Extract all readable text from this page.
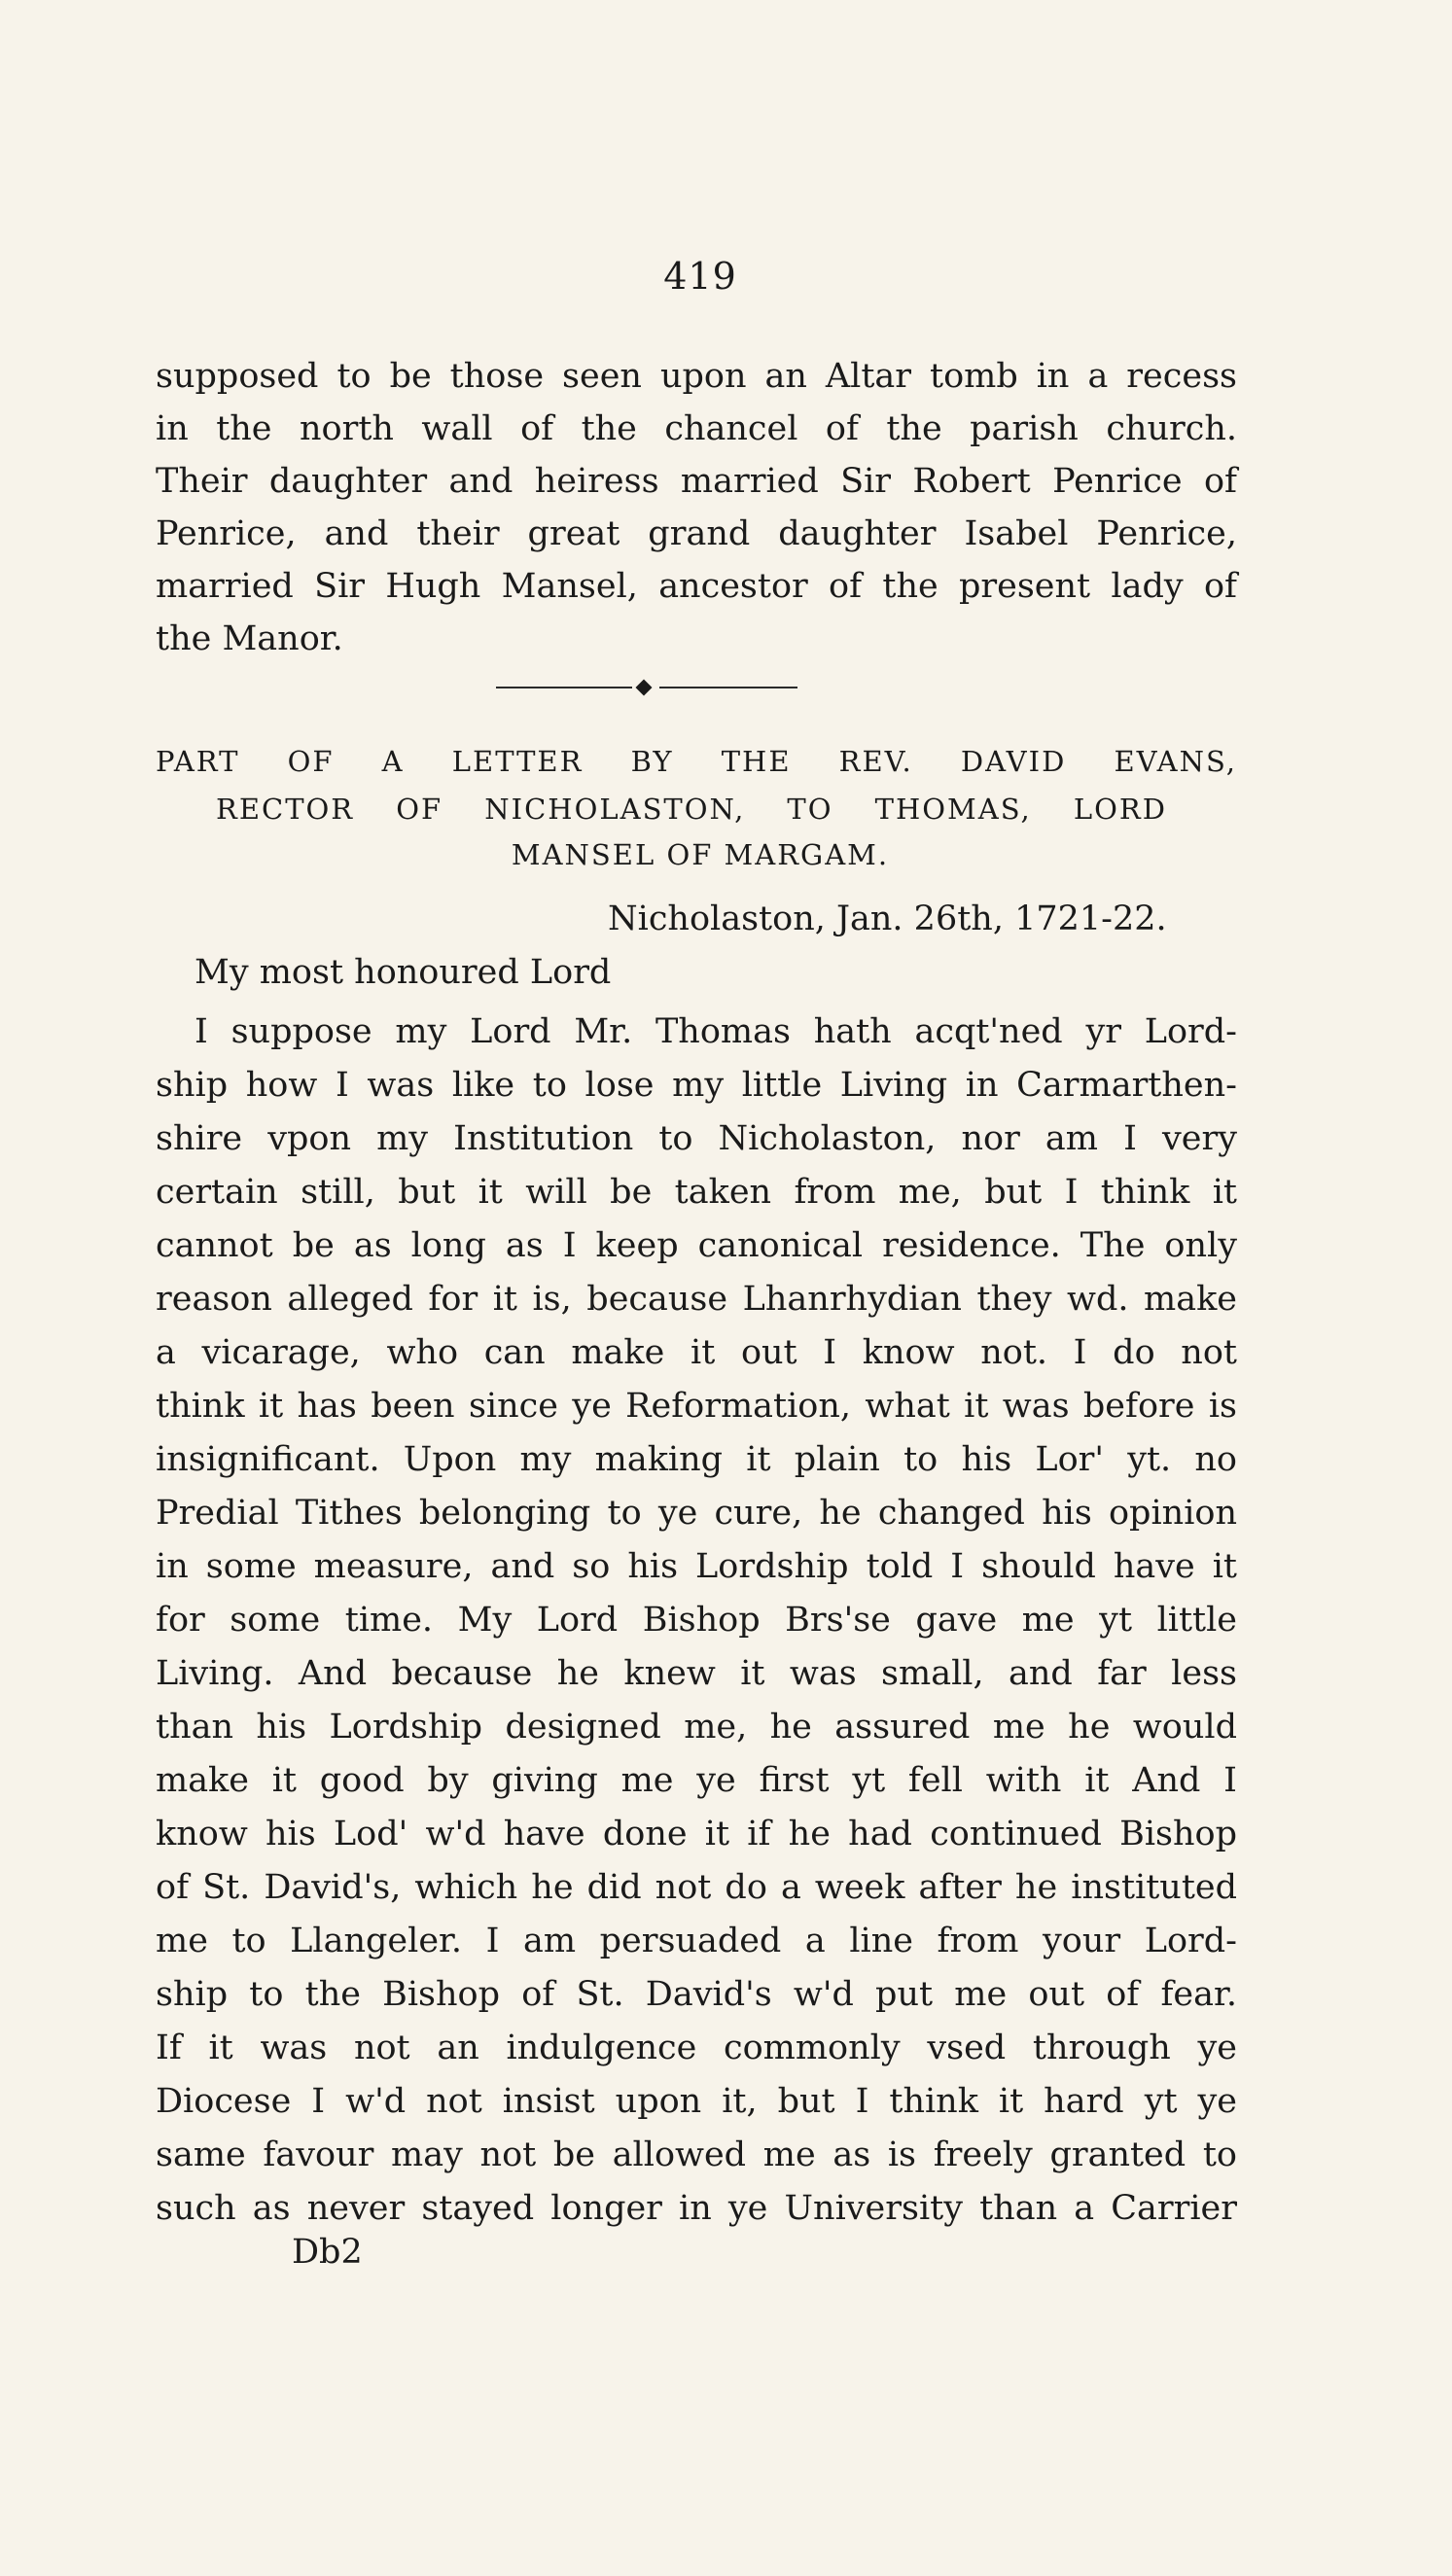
419
supposed to be those seen upon an Altar tomb in a recess
in the north wall of the chancel of the parish church.
Their daughter and heiress married Sir Robert Penrice of
Penrice, and their great grand daughter Isabel Penrice,
married Sir Hugh Mansel, ancestor of the present lady of
the Manor.
PART OF A LETTER BY THE REV. DAVID EVANS,
RECTOR OF NICHOLASTON, TO THOMAS, LORD
MANSEL OF MARGAM.
Nicholaston, Jan. 26th, 1721-22.
My most honoured Lord
I suppose my Lord Mr. Thomas hath acqt'ned yr Lord-
ship how I was like to lose my little Living in Carmarthen-
shire vpon my Institution to Nicholaston, nor am I very
certain still, but it will be taken from me, but I think it
cannot be as long as I keep canonical residence. The only
reason alleged for it is, because Lhanrhydian they wd. make
a vicarage, who can make it out I know not. I do not
think it has been since ye Reformation, what it was before is
insignificant. Upon my making it plain to his Lor' yt. no
Predial Tithes belonging to ye cure, he changed his opinion
in some measure, and so his Lordship told I should have it
for some time. My Lord Bishop Brs'se gave me yt little
Living. And because he knew it was small, and far less
than his Lordship designed me, he assured me he would
make it good by giving me ye first yt fell with it And I
know his Lod' w'd have done it if he had continued Bishop
of St. David's, which he did not do a week after he instituted
me to Llangeler. I am persuaded a line from your Lord-
ship to the Bishop of St. David's w'd put me out of fear.
If it was not an indulgence commonly vsed through ye
Diocese I w'd not insist upon it, but I think it hard yt ye
same favour may not be allowed me as is freely granted to
such as never stayed longer in ye University than a Carrier
Db2
